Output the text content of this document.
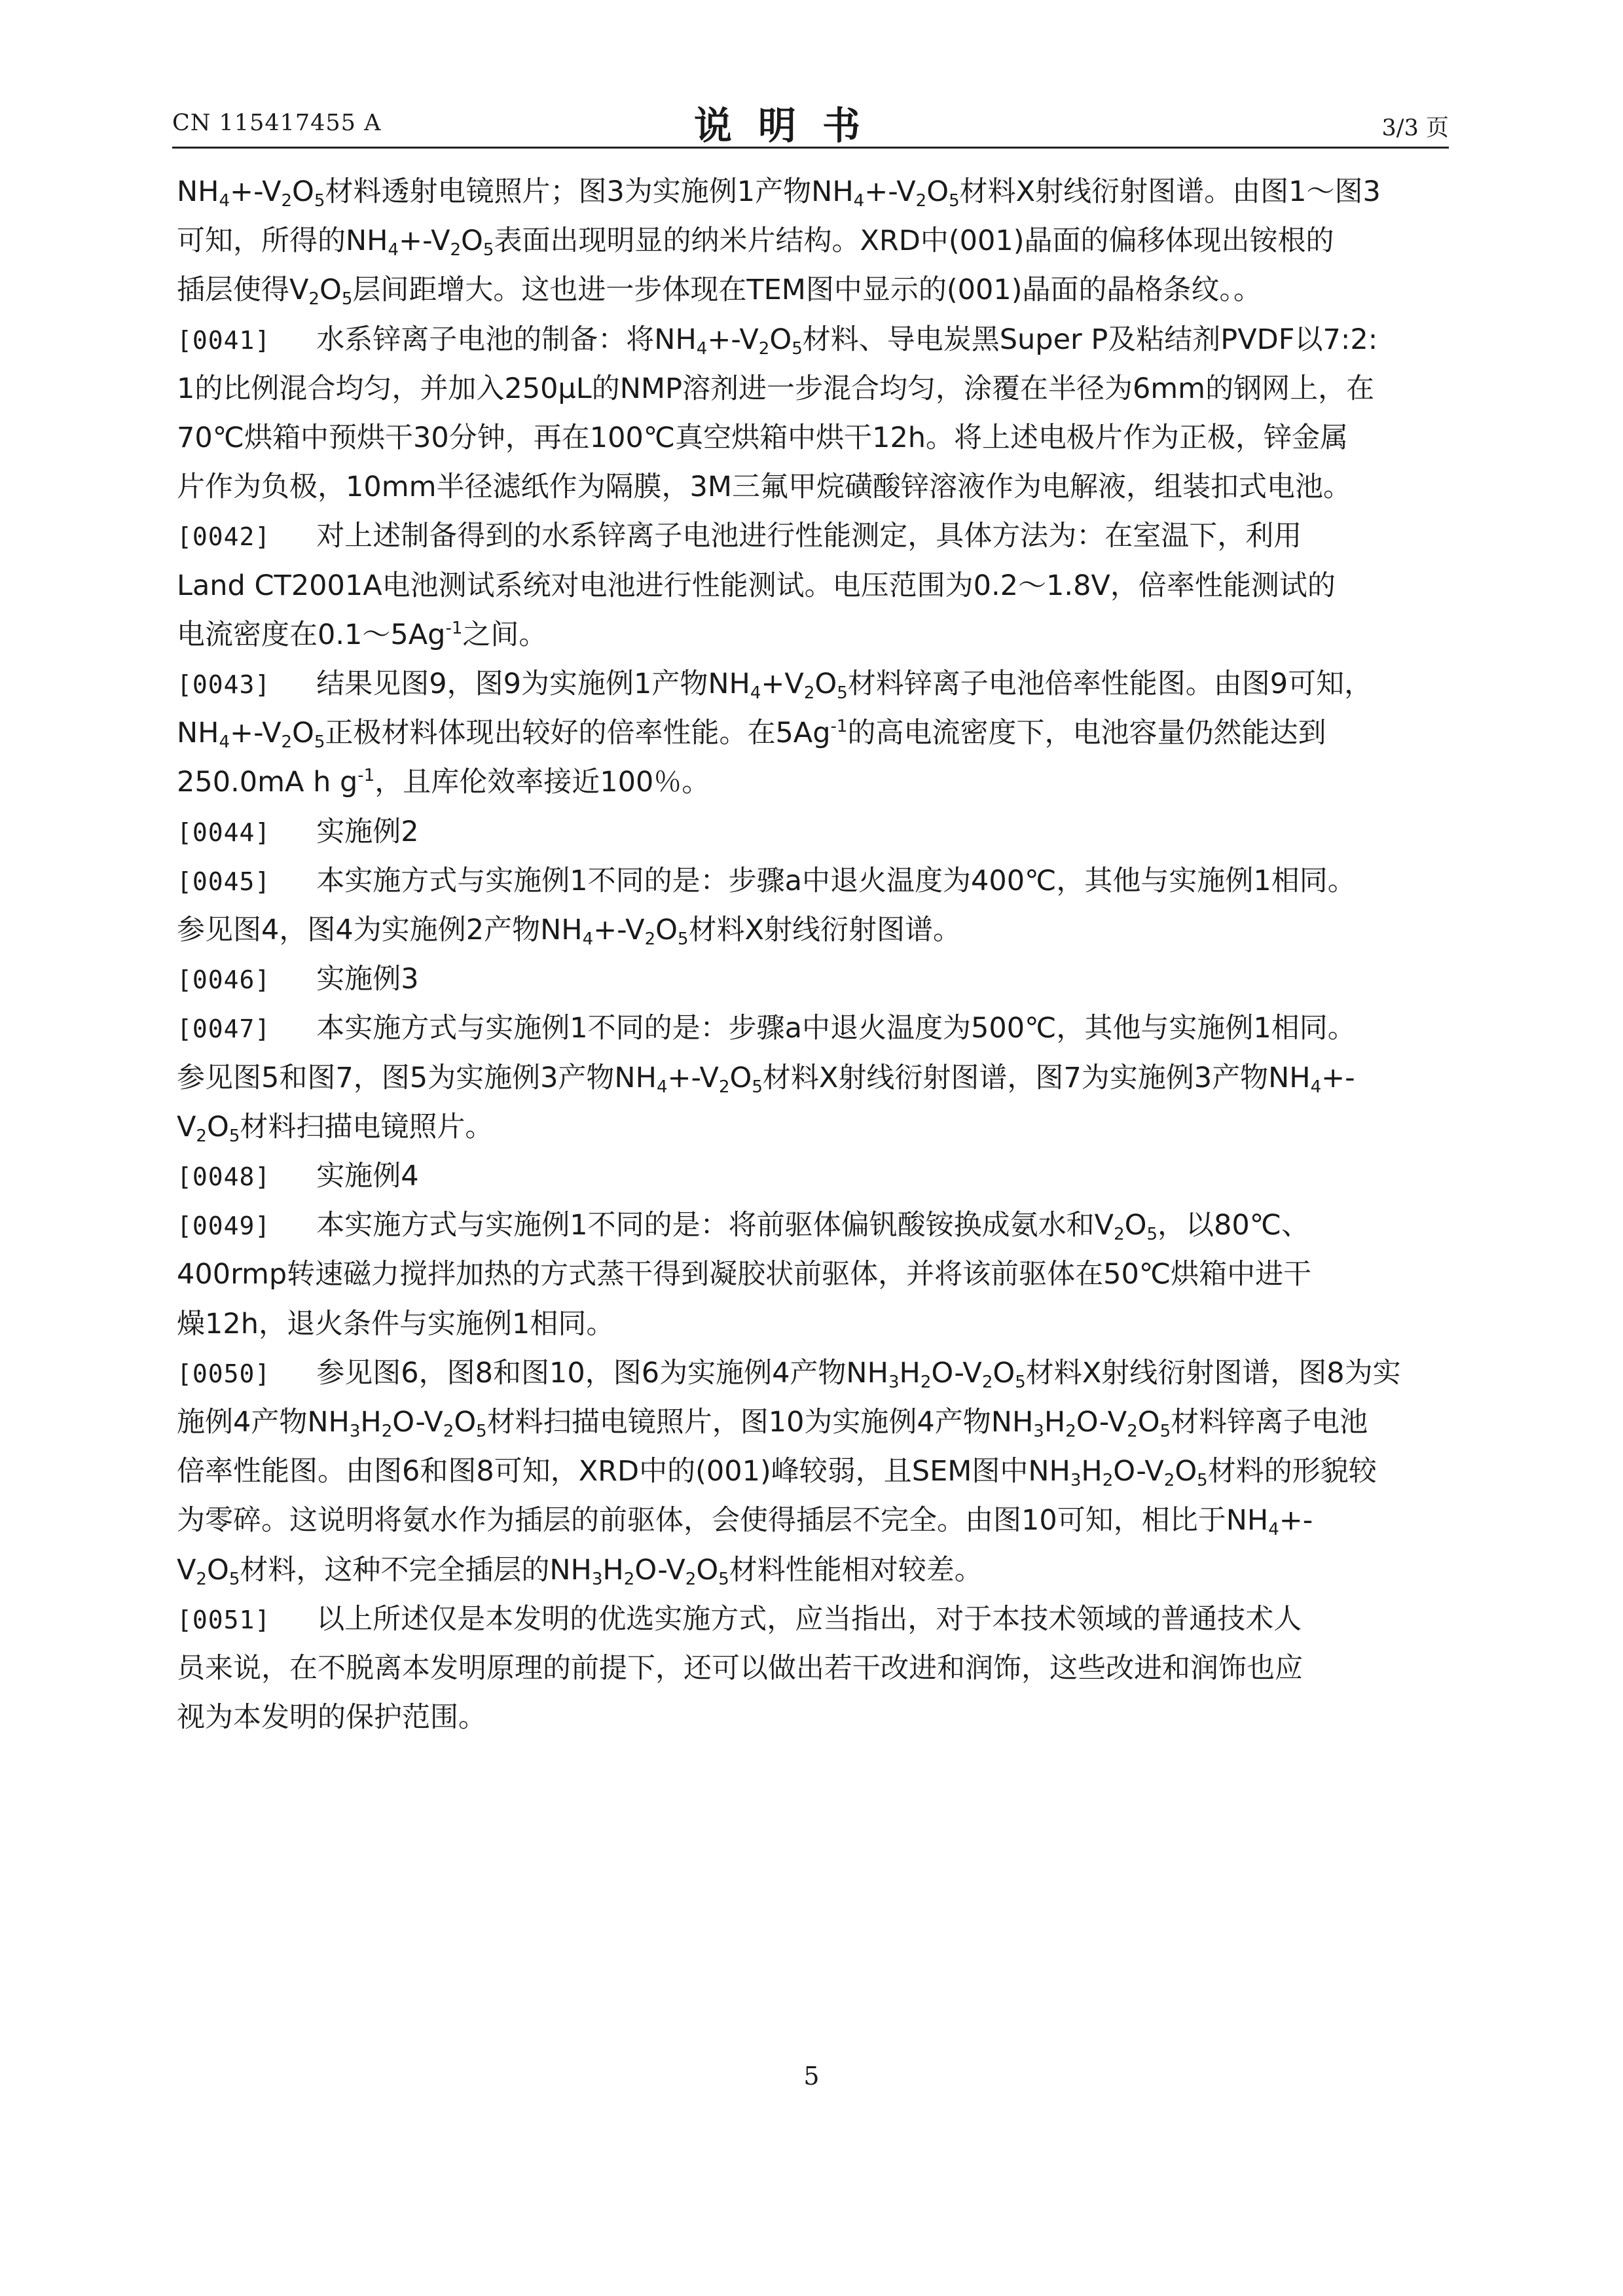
CN 115417455 A	说明书	3/3 页
$NH_4+-V_2O_5$材料透射电镜照片；图3为实施例1产物$NH_4+-V_2O_5$材料X射线衍射图谱。由图1～图3
可知，所得的$NH_4+-V_2O_5$表面出现明显的纳米片结构。XRD中(001)晶面的偏移体现出铵根的
插层使得$V_2O_5$层间距增大。这也进一步体现在TEM图中显示的(001)晶面的晶格条纹。。
[0041] 水系锌离子电池的制备：将$NH_4+-V_2O_5$材料、导电炭黑Super P及粘结剂PVDF以7:2:
1的比例混合均匀，并加入250μL的NMP溶剂进一步混合均匀，涂覆在半径为6mm的钢网上，在
70℃烘箱中预烘干30分钟，再在100℃真空烘箱中烘干12h。将上述电极片作为正极，锌金属
片作为负极，10mm半径滤纸作为隔膜，3M三氟甲烷磺酸锌溶液作为电解液，组装扣式电池。
[0042] 对上述制备得到的水系锌离子电池进行性能测定，具体方法为：在室温下，利用
Land CT2001A电池测试系统对电池进行性能测试。电压范围为0.2～1.8V，倍率性能测试的
电流密度在$0.1\sim 5Ag^{-1}$之间。
[0043] 结果见图9，图9为实施例1产物$NH_4+V_2O_5$材料锌离子电池倍率性能图。由图9可知，
$NH_4+-V_2O_5$正极材料体现出较好的倍率性能。在$5Ag^{-1}$的高电流密度下，电池容量仍然能达到
250.0mA h $g^{-1}$，且库伦效率接近100％。
[0044] 实施例2
[0045] 本实施方式与实施例1不同的是：步骤a中退火温度为400℃，其他与实施例1相同。
参见图4，图4为实施例2产物$NH_4+-V_2O_5$材料X射线衍射图谱。
[0046] 实施例3
[0047] 本实施方式与实施例1不同的是：步骤a中退火温度为500℃，其他与实施例1相同。
参见图5和图7，图5为实施例3产物$NH_4+-V_2O_5$材料X射线衍射图谱，图7为实施例3产物$NH_4+-$
$V_2O_5$材料扫描电镜照片。
[0048] 实施例4
[0049] 本实施方式与实施例1不同的是：将前驱体偏钒酸铵换成氨水和$V_2O_5$，以80℃、
400rmp转速磁力搅拌加热的方式蒸干得到凝胶状前驱体，并将该前驱体在50℃烘箱中进干
燥12h，退火条件与实施例1相同。
[0050] 参见图6，图8和图10，图6为实施例4产物$NH_3H_2O-V_2O_5$材料X射线衍射图谱，图8为实
施例4产物$NH_3H_2O-V_2O_5$材料扫描电镜照片，图10为实施例4产物$NH_3H_2O-V_2O_5$材料锌离子电池
倍率性能图。由图6和图8可知，XRD中的(001)峰较弱，且SEM图中$NH_3H_2O-V_2O_5$材料的形貌较
为零碎。这说明将氨水作为插层的前驱体，会使得插层不完全。由图10可知，相比于$NH_4+-$
$V_2O_5$材料，这种不完全插层的$NH_3H_2O-V_2O_5$材料性能相对较差。
[0051] 以上所述仅是本发明的优选实施方式，应当指出，对于本技术领域的普通技术人
员来说，在不脱离本发明原理的前提下，还可以做出若干改进和润饰，这些改进和润饰也应
视为本发明的保护范围。
5
